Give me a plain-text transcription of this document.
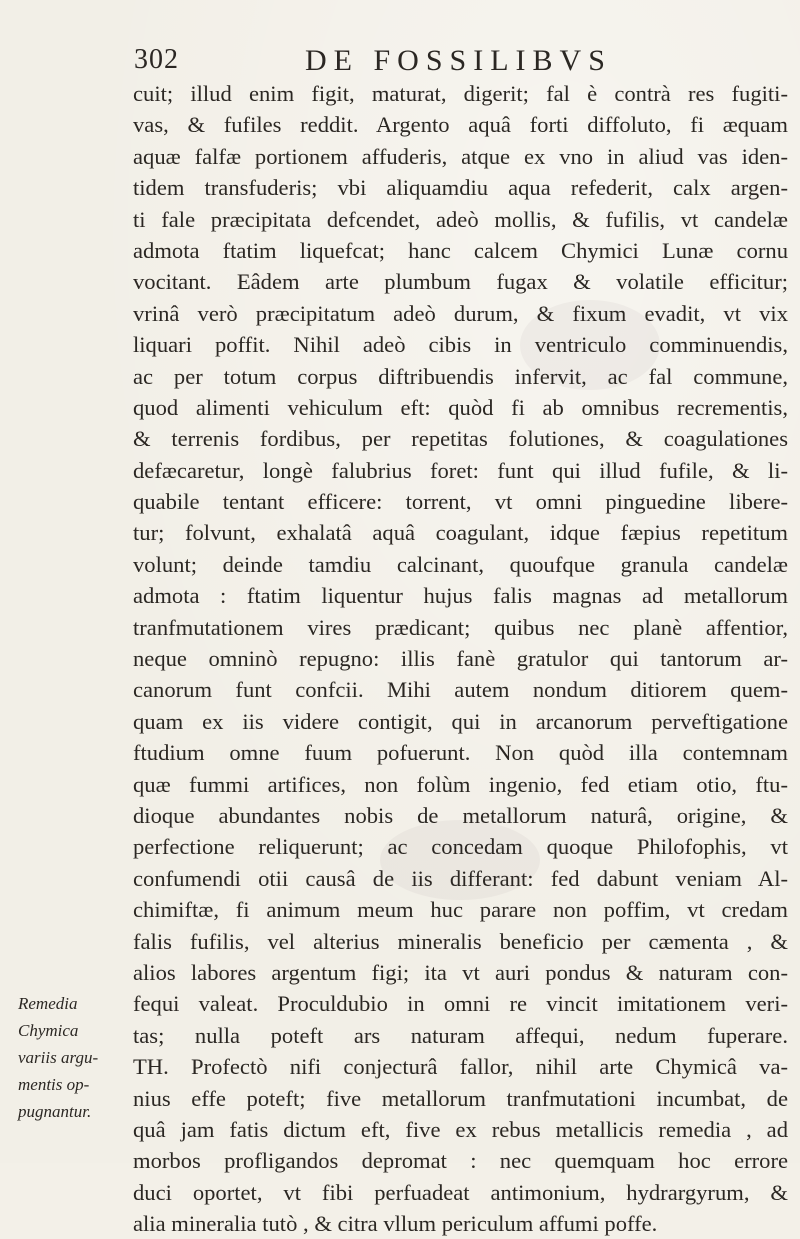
302	DE FOSSILIBVS
cuit; illud enim figit, maturat, digerit; fal è contrà res fugiti-
vas, & fufiles reddit. Argento aquâ forti diffoluto, fi æquam
aquæ falfæ portionem affuderis, atque ex vno in aliud vas iden-
tidem transfuderis; vbi aliquamdiu aqua refederit, calx argen-
ti fale præcipitata defcendet, adeò mollis, & fufilis, vt candelæ
admota ftatim liquefcat; hanc calcem Chymici Lunæ cornu
vocitant. Eâdem arte plumbum fugax & volatile efficitur;
vrinâ verò præcipitatum adeò durum, & fixum evadit, vt vix
liquari poffit. Nihil adeò cibis in ventriculo comminuendis,
ac per totum corpus diftribuendis infervit, ac fal commune,
quod alimenti vehiculum eft: quòd fi ab omnibus recrementis,
& terrenis fordibus, per repetitas folutiones, & coagulationes
defæcaretur, longè falubrius foret: funt qui illud fufile, & li-
quabile tentant efficere: torrent, vt omni pinguedine libere-
tur; folvunt, exhalatâ aquâ coagulant, idque fæpius repetitum
volunt; deinde tamdiu calcinant, quoufque granula candelæ
admota : ftatim liquentur hujus falis magnas ad metallorum
tranfmutationem vires prædicant; quibus nec planè affentior,
neque omninò repugno: illis fanè gratulor qui tantorum ar-
canorum funt confcii. Mihi autem nondum ditiorem quem-
quam ex iis videre contigit, qui in arcanorum perveftigatione
ftudium omne fuum pofuerunt. Non quòd illa contemnam
quæ fummi artifices, non folùm ingenio, fed etiam otio, ftu-
dioque abundantes nobis de metallorum naturâ, origine, &
perfectione reliquerunt; ac concedam quoque Philofophis, vt
confumendi otii causâ de iis differant: fed dabunt veniam Al-
chimiftæ, fi animum meum huc parare non poffim, vt credam
falis fufilis, vel alterius mineralis beneficio per cæmenta , &
alios labores argentum figi; ita vt auri pondus & naturam con-
fequi valeat. Proculdubio in omni re vincit imitationem veri-
tas; nulla poteft ars naturam affequi, nedum fuperare.
TH. Profectò nifi conjecturâ fallor, nihil arte Chymicâ va-
nius effe poteft; five metallorum tranfmutationi incumbat, de
quâ jam fatis dictum eft, five ex rebus metallicis remedia , ad
morbos profligandos depromat : nec quemquam hoc errore
duci oportet, vt fibi perfuadeat antimonium, hydrargyrum, &
alia mineralia tutò , & citra vllum periculum affumi poffe.
Remedia
Chymica
variis argu-
mentis op-
pugnantur.
